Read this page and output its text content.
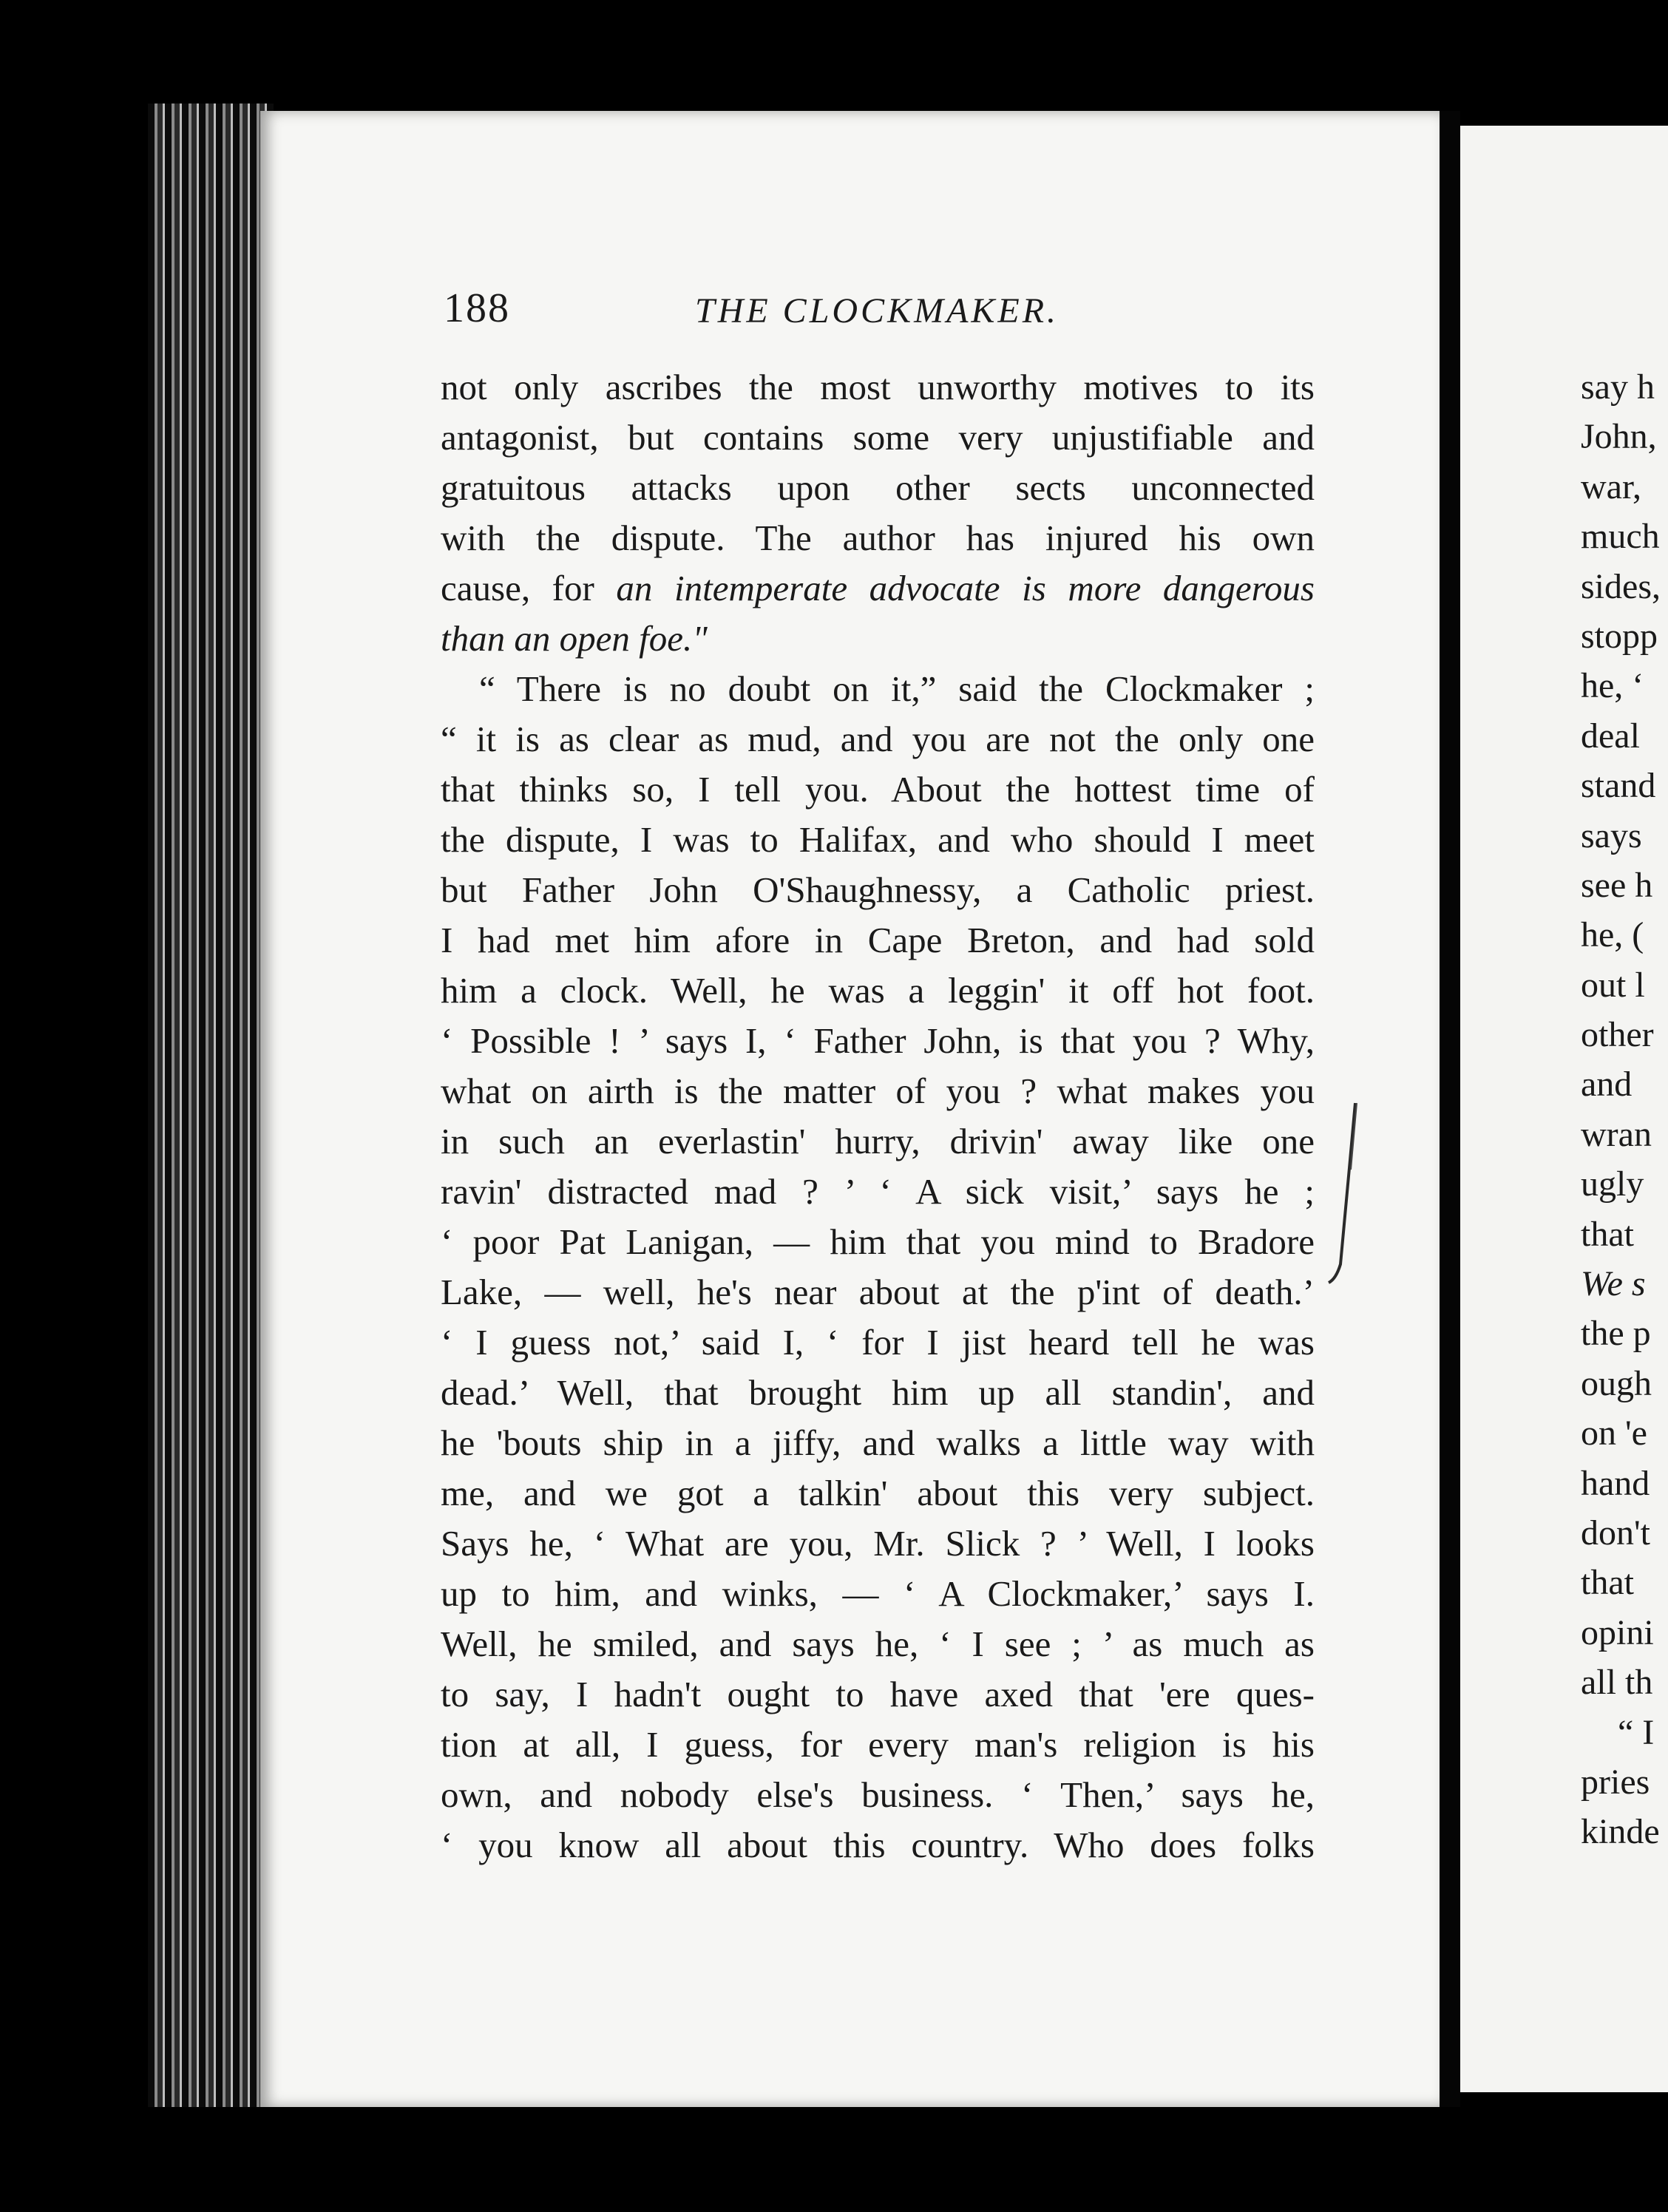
say h
John,
war,
much
sides,
stopp
he, ‘
deal
stand
says
see h
he, (
out l
other
and
wran
ugly
that
We s
the p
ough
on 'e
hand
don't
that
opini
all th
“ I
pries
kinde
188	THE CLOCKMAKER.
not only ascribes the most unworthy motives to its
antagonist, but contains some very unjustifiable and
gratuitous attacks upon other sects unconnected
with the dispute. The author has injured his own
cause, for an intemperate advocate is more dangerous
than an open foe."
“ There is no doubt on it,” said the Clockmaker ;
“ it is as clear as mud, and you are not the only one
that thinks so, I tell you. About the hottest time of
the dispute, I was to Halifax, and who should I meet
but Father John O'Shaughnessy, a Catholic priest.
I had met him afore in Cape Breton, and had sold
him a clock. Well, he was a leggin' it off hot foot.
‘ Possible ! ’ says I, ‘ Father John, is that you ? Why,
what on airth is the matter of you ? what makes you
in such an everlastin' hurry, drivin' away like one
ravin' distracted mad ? ’ ‘ A sick visit,’ says he ;
‘ poor Pat Lanigan, — him that you mind to Bradore
Lake, — well, he's near about at the p'int of death.’
‘ I guess not,’ said I, ‘ for I jist heard tell he was
dead.’ Well, that brought him up all standin', and
he 'bouts ship in a jiffy, and walks a little way with
me, and we got a talkin' about this very subject.
Says he, ‘ What are you, Mr. Slick ? ’ Well, I looks
up to him, and winks, — ‘ A Clockmaker,’ says I.
Well, he smiled, and says he, ‘ I see ; ’ as much as
to say, I hadn't ought to have axed that 'ere ques-
tion at all, I guess, for every man's religion is his
own, and nobody else's business. ‘ Then,’ says he,
‘ you know all about this country. Who does folks
